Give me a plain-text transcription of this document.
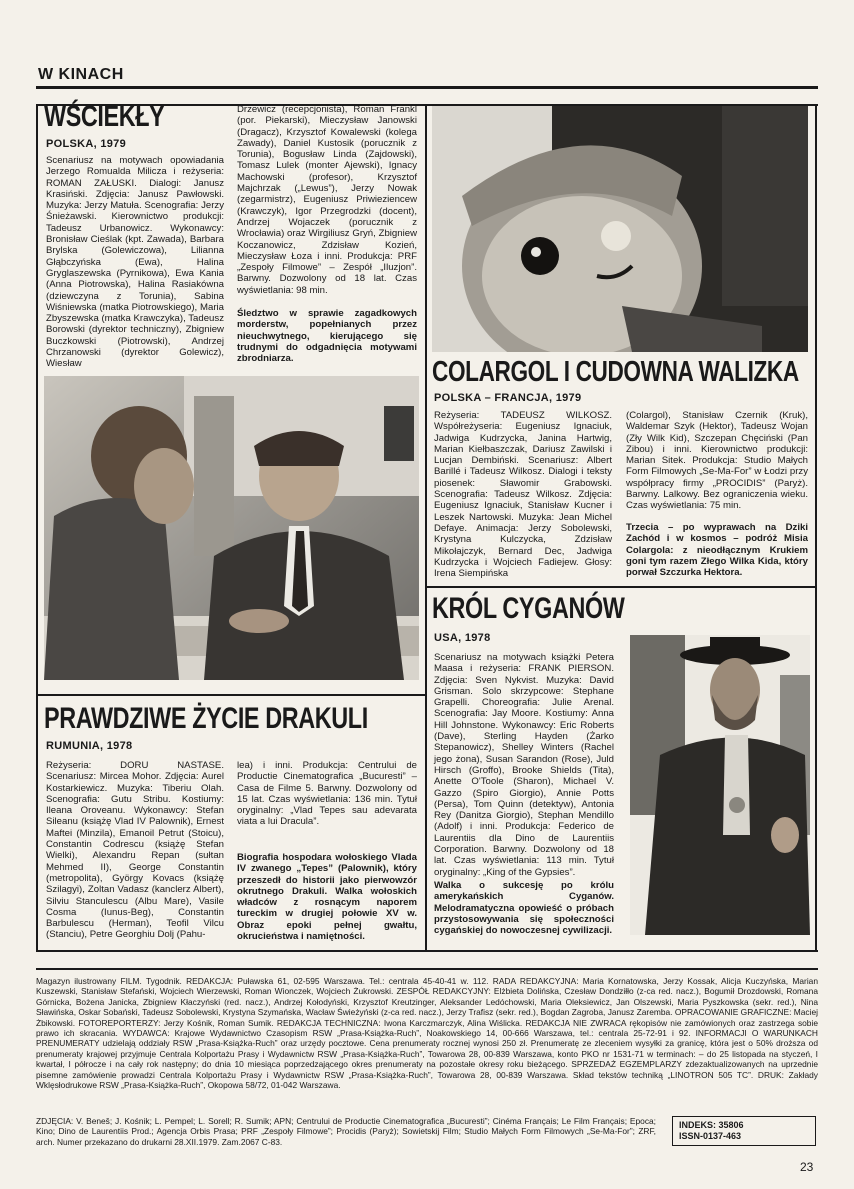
W KINACH
WŚCIEKŁY
POLSKA, 1979
Scenariusz na motywach opowiadania Jerzego Romualda Milicza i reżyseria: ROMAN ZAŁUSKI. Dialogi: Janusz Krasiński. Zdjęcia: Janusz Pawłowski. Muzyka: Jerzy Matuła. Scenografia: Jerzy Śnieżawski. Kierownictwo produkcji: Tadeusz Urbanowicz. Wykonawcy: Bronisław Cieślak (kpt. Zawada), Barbara Brylska (Golewiczowa), Lilianna Głąbczyńska (Ewa), Halina Gryglaszewska (Pyrnikowa), Ewa Kania (Anna Piotrowska), Halina Rasiakówna (dziewczyna z Torunia), Sabina Wiśniewska (matka Piotrowskiego), Maria Zbyszewska (matka Krawczyka), Tadeusz Borowski (dyrektor techniczny), Zbigniew Buczkowski (Piotrowski), Andrzej Chrzanowski (dyrektor Golewicz), Wiesław
Drzewicz (recepcjonista), Roman Frankl (por. Piekarski), Mieczysław Janowski (Dragacz), Krzysztof Kowalewski (kolega Zawady), Daniel Kustosik (porucznik z Torunia), Bogusław Linda (Zajdowski), Tomasz Lulek (monter Ajewski), Ignacy Machowski (profesor), Krzysztof Majchrzak („Lewus”), Jerzy Nowak (zegarmistrz), Eugeniusz Priwieziencew (Krawczyk), Igor Przegrodzki (docent), Andrzej Wojaczek (porucznik z Wrocławia) oraz Wirgiliusz Gryń, Zbigniew Koczanowicz, Zdzisław Kozień, Mieczysław Łoza i inni. Produkcja: PRF „Zespoły Filmowe” – Zespół „Iluzjon”. Barwny. Dozwolony od 18 lat. Czas wyświetlania: 98 min.
Śledztwo w sprawie zagadkowych morderstw, popełnianych przez nieuchwytnego, kierującego się trudnymi do odgadnięcia motywami zbrodniarza.	COLARGOL I CUDOWNA WALIZKA
POLSKA – FRANCJA, 1979
Reżyseria: TADEUSZ WILKOSZ. Współreżyseria: Eugeniusz Ignaciuk, Jadwiga Kudrzycka, Janina Hartwig, Marian Kiełbaszczak, Dariusz Zawilski i Lucjan Dembiński. Scenariusz: Albert Barillé i Tadeusz Wilkosz. Dialogi i teksty piosenek: Sławomir Grabowski. Scenografia: Tadeusz Wilkosz. Zdjęcia: Eugeniusz Ignaciuk, Stanisław Kucner i Leszek Nartowski. Muzyka: Jean Michel Defaye. Animacja: Jerzy Sobolewski, Krystyna Kulczycka, Zdzisław Mikołajczyk, Bernard Dec, Jadwiga Kudrzycka i Wojciech Fadiejew. Głosy: Irena Siempińska
(Colargol), Stanisław Czernik (Kruk), Waldemar Szyk (Hektor), Tadeusz Wojan (Zły Wilk Kid), Szczepan Chęciński (Pan Zibou) i inni. Kierownictwo produkcji: Marian Sitek. Produkcja: Studio Małych Form Filmowych „Se-Ma-For” w Łodzi przy współpracy firmy „PROCIDIS” (Paryż). Barwny. Lalkowy. Bez ograniczenia wieku. Czas wyświetlania: 75 min.
Trzecia – po wyprawach na Dziki Zachód i w kosmos – podróż Misia Colargola: z nieodłącznym Krukiem goni tym razem Złego Wilka Kida, który porwał Szczurka Hektora.
KRÓL CYGANÓW
USA, 1978
Scenariusz na motywach książki Petera Maasa i reżyseria: FRANK PIERSON. Zdjęcia: Sven Nykvist. Muzyka: David Grisman. Solo skrzypcowe: Stephane Grapelli. Choreografia: Julie Arenal. Scenografia: Jay Moore. Kostiumy: Anna Hill Johnstone. Wykonawcy: Eric Roberts (Dave), Sterling Hayden (Żarko Stepanowicz), Shelley Winters (Rachel jego żona), Susan Sarandon (Rose), Juld Hirsch (Groffo), Brooke Shields (Tita), Anette O'Toole (Sharon), Michael V. Gazzo (Spiro Giorgio), Annie Potts (Persa), Tom Quinn (detektyw), Antonia Rey (Danitza Giorgio), Stephan Mendillo (Adolf) i inni. Produkcja: Federico de Laurentiis dla Dino de Laurentiis Corporation. Barwny. Dozwolony od 18 lat. Czas wyświetlania: 113 min. Tytuł oryginalny: „King of the Gypsies”.
Walka o sukcesję po królu amerykańskich Cyganów. Melodramatyczna opowieść o próbach przystosowywania się społeczności cygańskiej do nowoczesnej cywilizacji.
PRAWDZIWE ŻYCIE DRAKULI
RUMUNIA, 1978
Reżyseria: DORU NASTASE. Scenariusz: Mircea Mohor. Zdjęcia: Aurel Kostarkiewicz. Muzyka: Tiberiu Olah. Scenografia: Gutu Stribu. Kostiumy: Ileana Oroveanu. Wykonawcy: Stefan Sileanu (książę Vlad IV Palownik), Ernest Maftei (Minzila), Emanoil Petrut (Stoicu), Constantin Codrescu (książę Stefan Wielki), Alexandru Repan (sułtan Mehmed II), George Constantin (metropolita), György Kovacs (książę Szilagyi), Zoltan Vadasz (kanclerz Albert), Silviu Stanculescu (Albu Mare), Vasile Cosma (Iunus-Beg), Constantin Barbulescu (Herman), Teofil Vilcu (Stanciu), Petre Georghiu Dolj (Pahu-
lea) i inni. Produkcja: Centrului de Productie Cinematografica „Bucuresti” – Casa de Filme 5. Barwny. Dozwolony od 15 lat. Czas wyświetlania: 136 min. Tytuł oryginalny: „Vlad Tepes sau adevarata viata a lui Dracula”.
Biografia hospodara wołoskiego Vlada IV zwanego „Tepes” (Palownik), który przeszedł do historii jako pierwowzór okrutnego Drakuli. Walka wołoskich władców z rosnącym naporem tureckim w drugiej połowie XV w. Obraz epoki pełnej gwałtu, okrucieństwa i namiętności.
Magazyn ilustrowany FILM. Tygodnik. REDAKCJA: Puławska 61, 02-595 Warszawa. Tel.: centrala 45-40-41 w. 112. RADA REDAKCYJNA: Maria Kornatowska, Jerzy Kossak, Alicja Kuczyńska, Marian Kuszewski, Stanisław Stefański, Wojciech Wierzewski, Roman Wionczek, Wojciech Żukrowski. ZESPÓŁ REDAKCYJNY: Elżbieta Dolińska, Czesław Dondziłło (z-ca red. nacz.), Bogumił Drozdowski, Romana Górnicka, Bożena Janicka, Zbigniew Kłaczyński (red. nacz.), Andrzej Kołodyński, Krzysztof Kreutzinger, Aleksander Ledóchowski, Maria Oleksiewicz, Jan Olszewski, Maria Pyszkowska (sekr. red.), Nina Sławińska, Oskar Sobański, Tadeusz Sobolewski, Krystyna Szymańska, Wacław Świeżyński (z-ca red. nacz.), Jerzy Trafisz (sekr. red.), Bogdan Zagroba, Janusz Zaremba. OPRACOWANIE GRAFICZNE: Maciej Żbikowski. FOTOREPORTERZY: Jerzy Kośnik, Roman Sumik. REDAKCJA TECHNICZNA: Iwona Karczmarczyk, Alina Wiślicka. REDAKCJA NIE ZWRACA rękopisów nie zamówionych oraz zastrzega sobie prawo ich skracania. WYDAWCA: Krajowe Wydawnictwo Czasopism RSW „Prasa-Książka-Ruch”, Noakowskiego 14, 00-666 Warszawa, tel.: centrala 25-72-91 i 92. INFORMACJI O WARUNKACH PRENUMERATY udzielają oddziały RSW „Prasa-Książka-Ruch” oraz urzędy pocztowe. Cena prenumeraty rocznej wynosi 250 zł. Prenumeratę ze zleceniem wysyłki za granicę, która jest o 50% droższa od prenumeraty krajowej przyjmuje Centrala Kolportażu Prasy i Wydawnictw RSW „Prasa-Książka-Ruch”, Towarowa 28, 00-839 Warszawa, konto PKO nr 1531-71 w terminach: – do 25 listopada na styczeń, I kwartał, I półrocze i na cały rok następny; do dnia 10 miesiąca poprzedzającego okres prenumeraty na pozostałe okresy roku bieżącego. SPRZEDAŻ EGZEMPLARZY zdezaktualizowanych na uprzednie pisemne zamówienie prowadzi Centrala Kolportażu Prasy i Wydawnictw RSW „Prasa-Książka-Ruch”, Towarowa 28, 00-839 Warszawa. Skład tekstów techniką „LINOTRON 505 TC”. DRUK: Zakłady Wklęsłodrukowe RSW „Prasa-Książka-Ruch”, Okopowa 58/72, 01-042 Warszawa.
ZDJĘCIA: V. Beneš; J. Kośnik; L. Pempel; L. Sorell; R. Sumik; APN; Centrului de Productie Cinematografica „Bucuresti”; Cinéma Français; Le Film Français; Epoca; Kino; Dino de Laurentiis Prod.; Agencja Orbis Prasa; PRF „Zespoły Filmowe”; Procidis (Paryż); Sowietskij Film; Studio Małych Form Filmowych „Se-Ma-For”; ZRF, arch. Numer przekazano do drukarni 28.XII.1979. Zam.2067 C-83.
INDEKS: 35806
ISSN-0137-463
23
